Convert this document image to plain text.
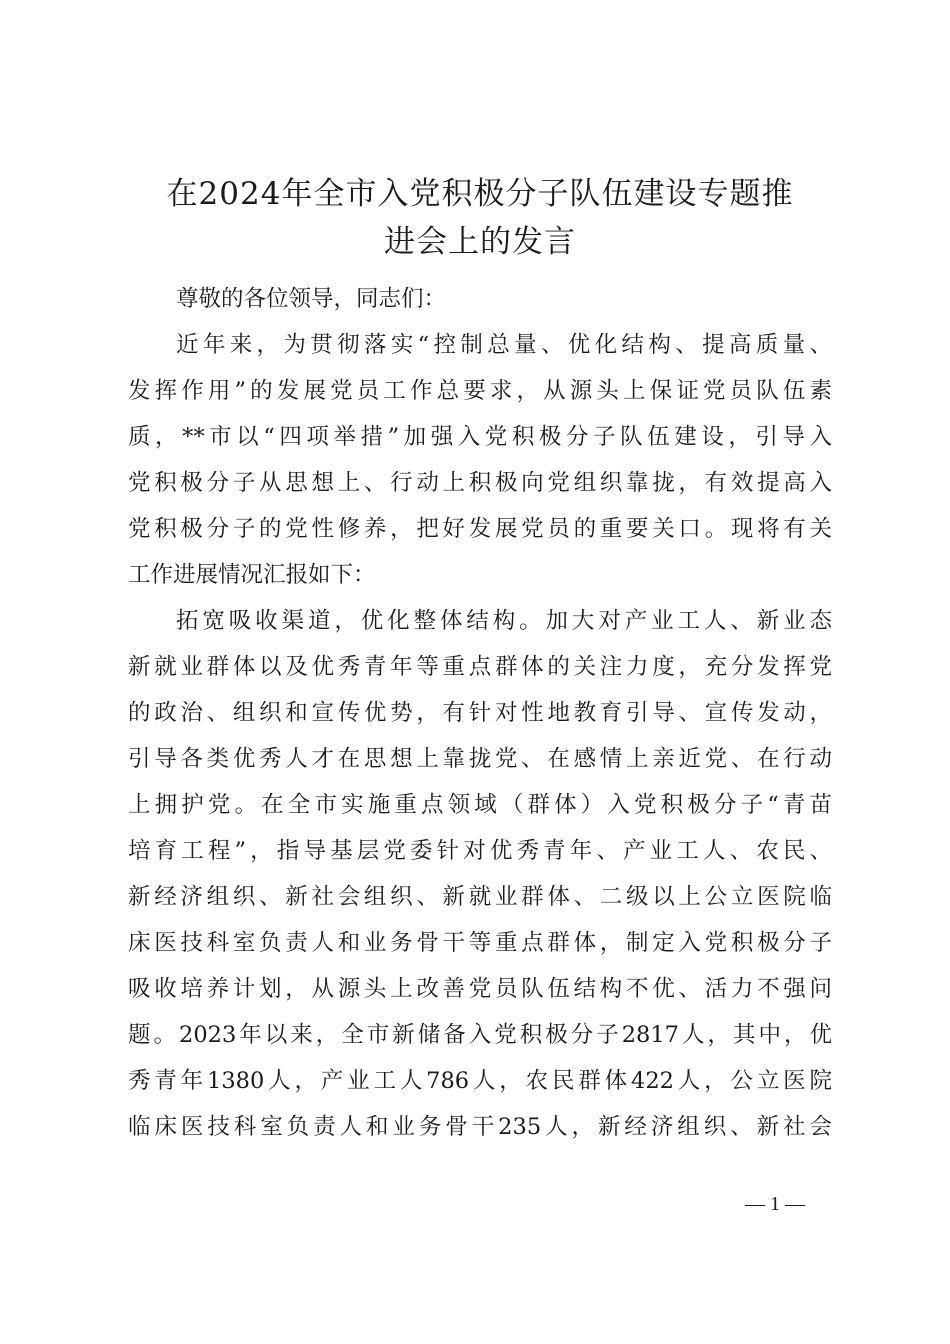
在2024年全市入党积极分子队伍建设专题推
进会上的发言
尊敬的各位领导，同志们：
近年来，为贯彻落实“控制总量、优化结构、提高质量、
发挥作用”的发展党员工作总要求，从源头上保证党员队伍素
质，**市以“四项举措”加强入党积极分子队伍建设，引导入
党积极分子从思想上、行动上积极向党组织靠拢，有效提高入
党积极分子的党性修养，把好发展党员的重要关口。现将有关
工作进展情况汇报如下：
拓宽吸收渠道，优化整体结构。加大对产业工人、新业态
新就业群体以及优秀青年等重点群体的关注力度，充分发挥党
的政治、组织和宣传优势，有针对性地教育引导、宣传发动，
引导各类优秀人才在思想上靠拢党、在感情上亲近党、在行动
上拥护党。在全市实施重点领域（群体）入党积极分子“青苗
培育工程”，指导基层党委针对优秀青年、产业工人、农民、
新经济组织、新社会组织、新就业群体、二级以上公立医院临
床医技科室负责人和业务骨干等重点群体，制定入党积极分子
吸收培养计划，从源头上改善党员队伍结构不优、活力不强问
题。2023年以来，全市新储备入党积极分子2817人，其中，优
秀青年1380人，产业工人786人，农民群体422人，公立医院
临床医技科室负责人和业务骨干235人，新经济组织、新社会
— 1 —
